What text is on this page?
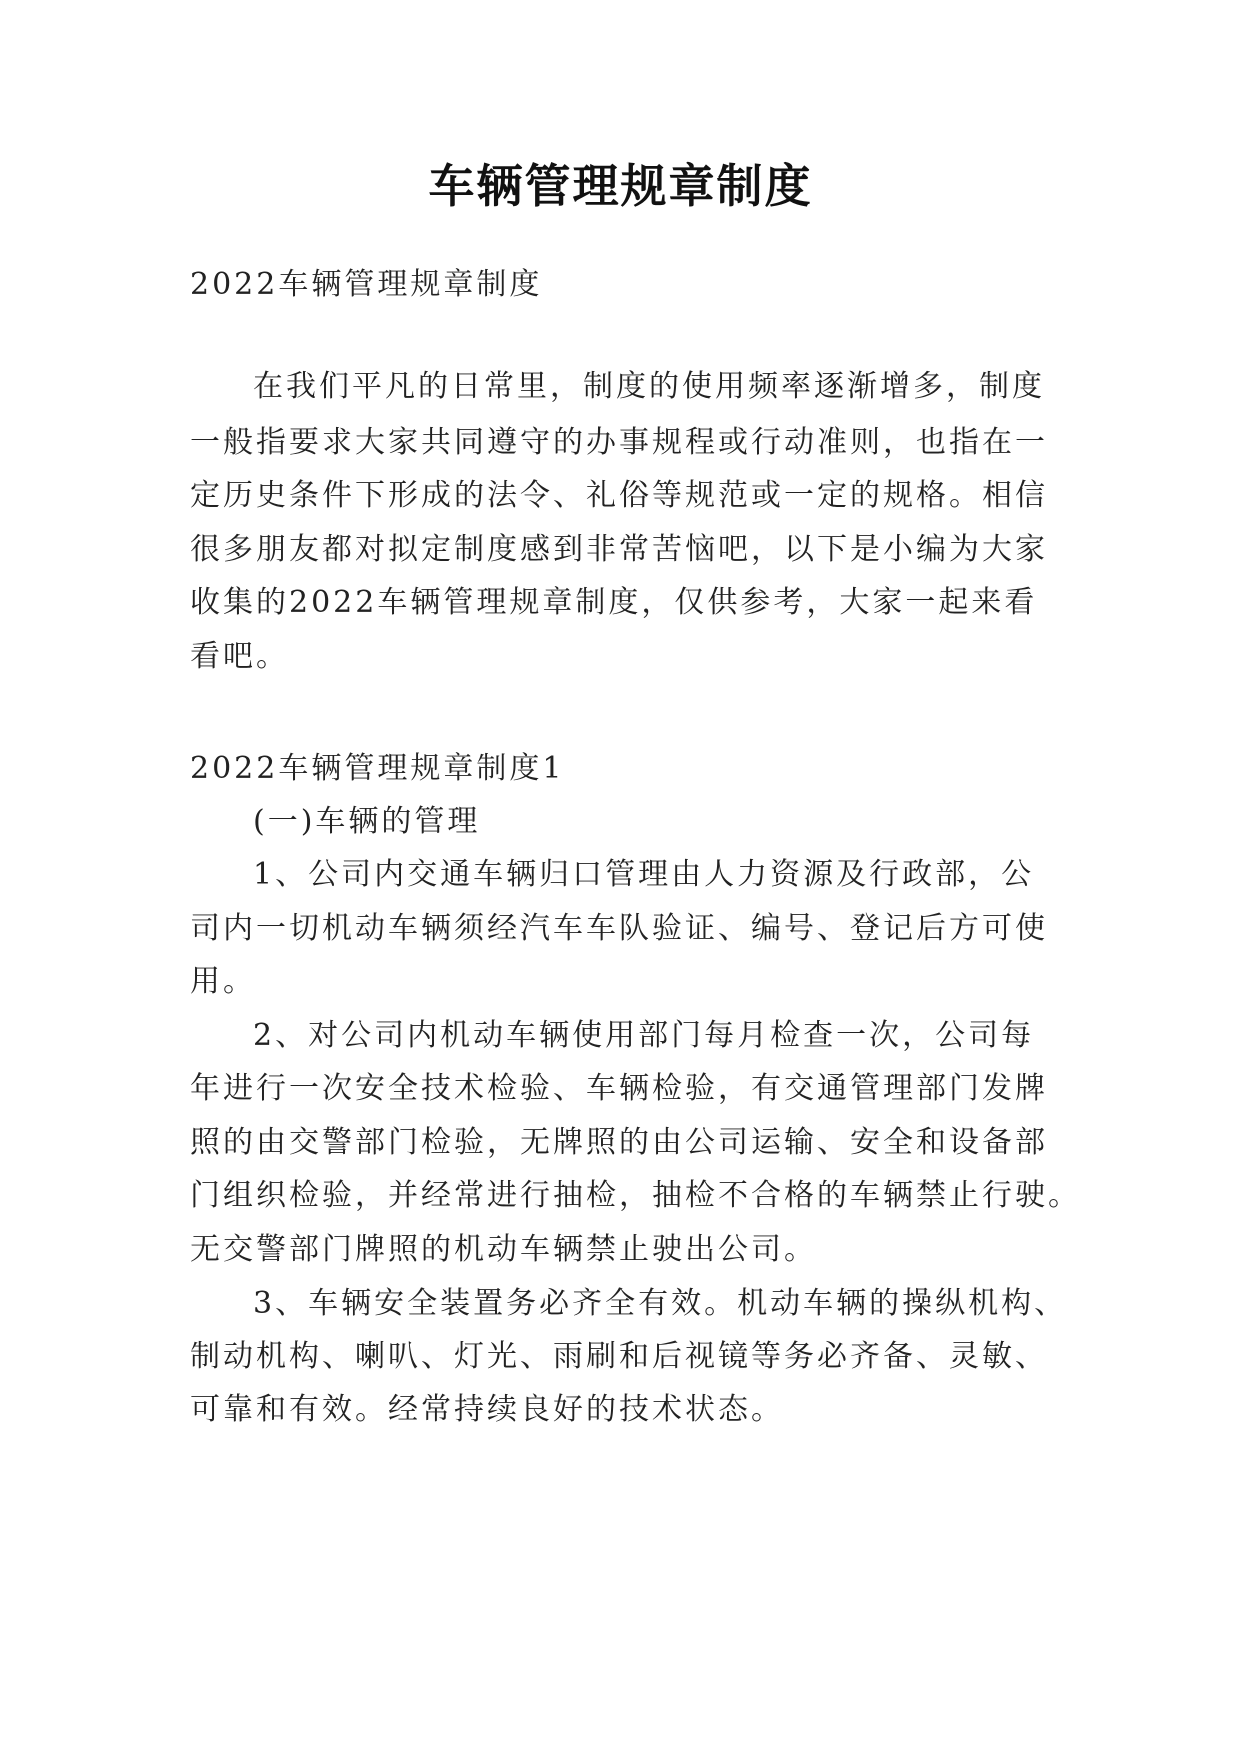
车辆管理规章制度

2022车辆管理规章制度

在我们平凡的日常里，制度的使用频率逐渐增多，制度

一般指要求大家共同遵守的办事规程或行动准则，也指在一

定历史条件下形成的法令、礼俗等规范或一定的规格。相信

很多朋友都对拟定制度感到非常苦恼吧，以下是小编为大家

收集的2022车辆管理规章制度，仅供参考，大家一起来看

看吧。

2022车辆管理规章制度1

(一)车辆的管理

1、公司内交通车辆归口管理由人力资源及行政部，公

司内一切机动车辆须经汽车车队验证、编号、登记后方可使

用。

2、对公司内机动车辆使用部门每月检查一次，公司每

年进行一次安全技术检验、车辆检验，有交通管理部门发牌

照的由交警部门检验，无牌照的由公司运输、安全和设备部

门组织检验，并经常进行抽检，抽检不合格的车辆禁止行驶。

无交警部门牌照的机动车辆禁止驶出公司。

3、车辆安全装置务必齐全有效。机动车辆的操纵机构、

制动机构、喇叭、灯光、雨刷和后视镜等务必齐备、灵敏、

可靠和有效。经常持续良好的技术状态。
